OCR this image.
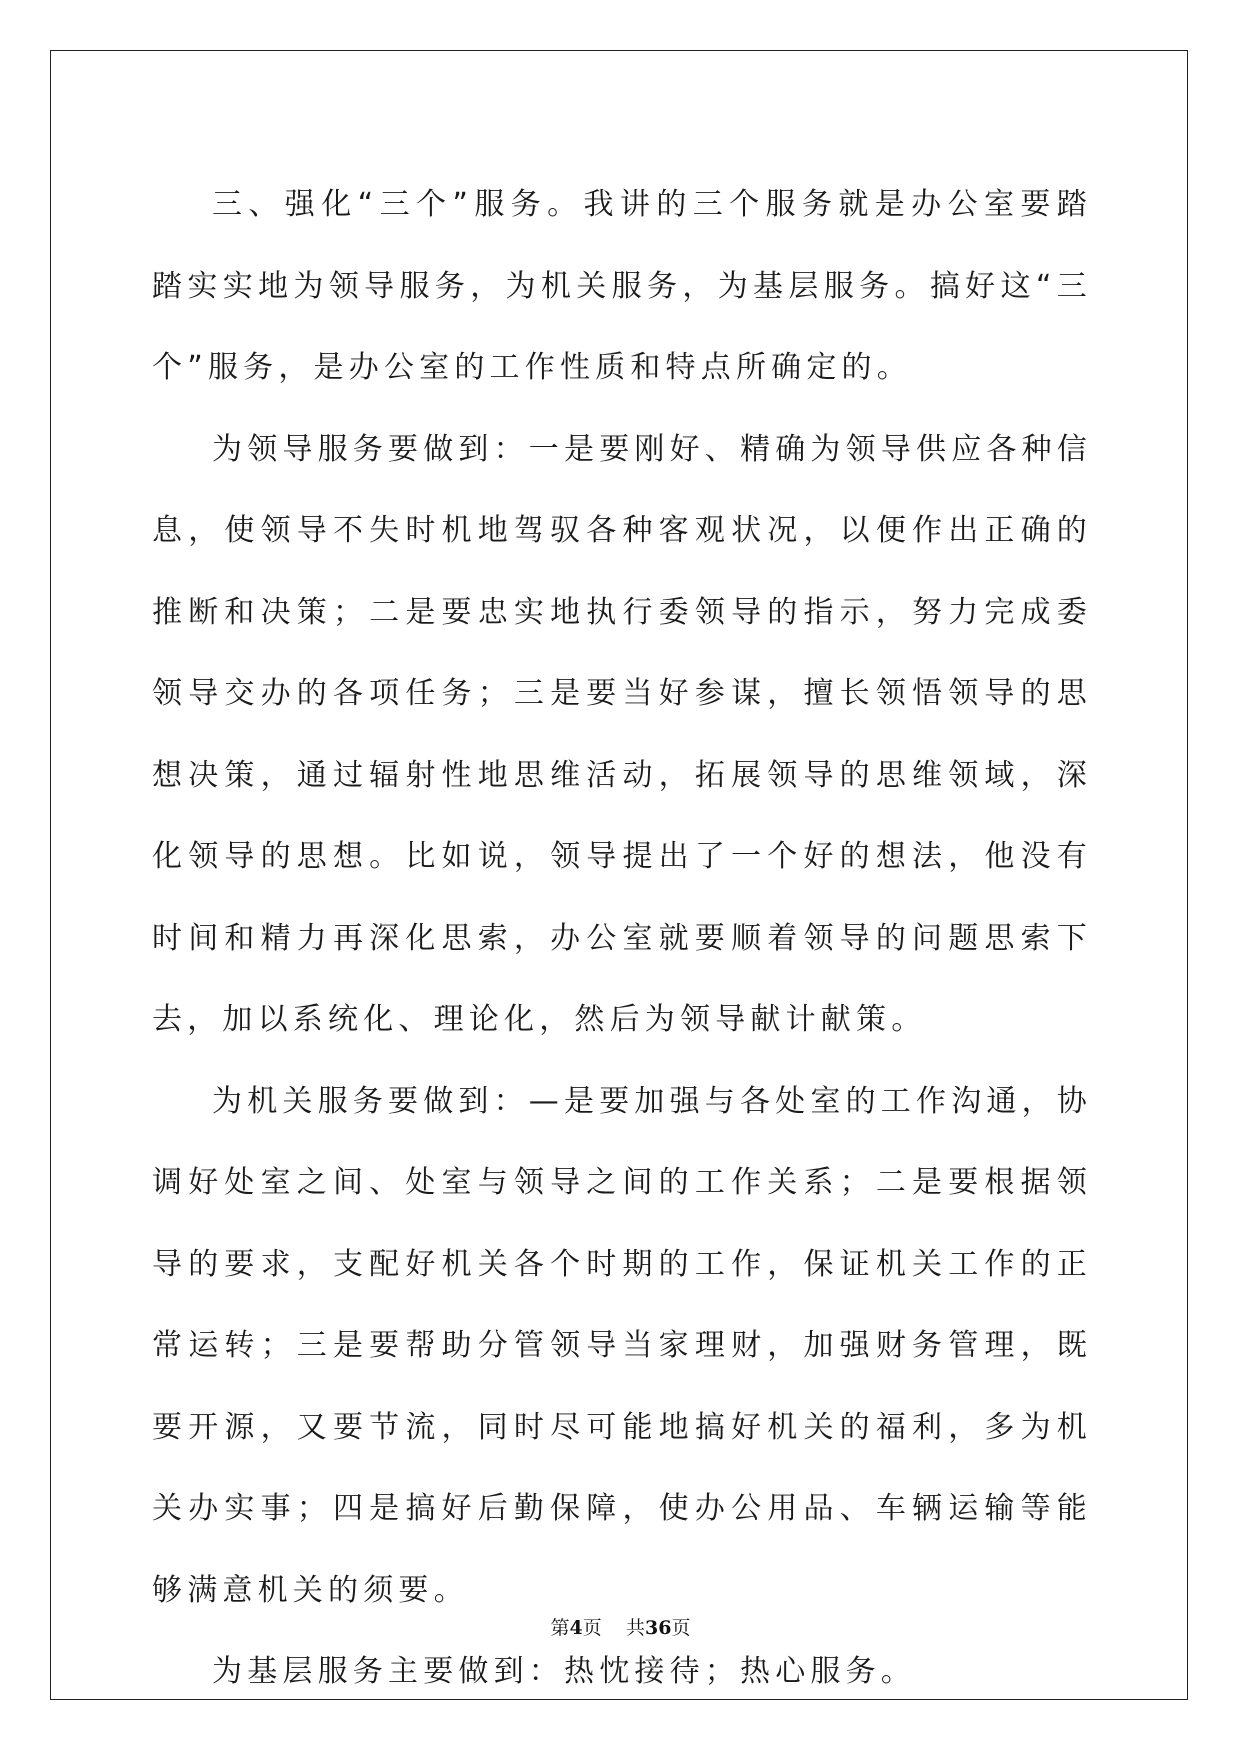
三、强化“三个”服务。我讲的三个服务就是办公室要踏踏实实地为领导服务，为机关服务，为基层服务。搞好这“三个”服务，是办公室的工作性质和特点所确定的。

为领导服务要做到：一是要刚好、精确为领导供应各种信息，使领导不失时机地驾驭各种客观状况，以便作出正确的推断和决策；二是要忠实地执行委领导的指示，努力完成委领导交办的各项任务；三是要当好参谋，擅长领悟领导的思想决策，通过辐射性地思维活动，拓展领导的思维领域，深化领导的思想。比如说，领导提出了一个好的想法，他没有时间和精力再深化思索，办公室就要顺着领导的问题思索下去，加以系统化、理论化，然后为领导献计献策。

为机关服务要做到：—是要加强与各处室的工作沟通，协调好处室之间、处室与领导之间的工作关系；二是要根据领导的要求，支配好机关各个时期的工作，保证机关工作的正常运转；三是要帮助分管领导当家理财，加强财务管理，既要开源，又要节流，同时尽可能地搞好机关的福利，多为机关办实事；四是搞好后勤保障，使办公用品、车辆运输等能够满意机关的须要。

为基层服务主要做到：热忱接待；热心服务。

第4页 共36页
